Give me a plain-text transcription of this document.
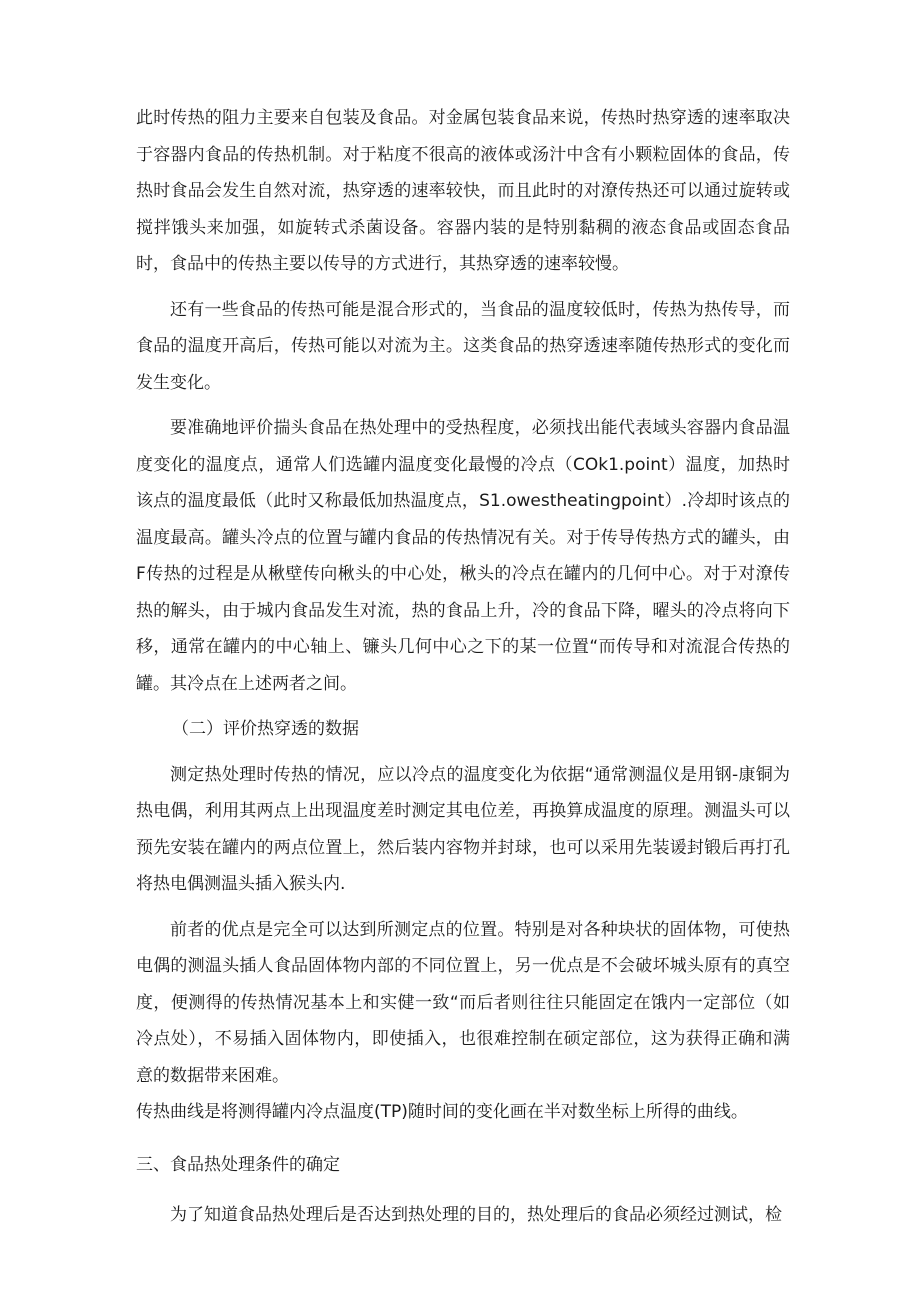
此时传热的阻力主要来自包装及食品。对金属包装食品来说，传热时热穿透的速率取决于容器内食品的传热机制。对于粘度不很高的液体或汤汁中含有小颗粒固体的食品，传热时食品会发生自然对流，热穿透的速率较快，而且此时的对潦传热还可以通过旋转或搅拌饿头来加强，如旋转式杀菌设备。容器内装的是特别黏稠的液态食品或固态食品时，食品中的传热主要以传导的方式进行，其热穿透的速率较慢。

还有一些食品的传热可能是混合形式的，当食品的温度较低时，传热为热传导，而食品的温度开高后，传热可能以对流为主。这类食品的热穿透速率随传热形式的变化而发生变化。

要准确地评价揣头食品在热处理中的受热程度，必须找出能代表域头容器内食品温度变化的温度点，通常人们选罐内温度变化最慢的冷点（COk1.point）温度，加热时该点的温度最低（此时又称最低加热温度点，S1.owestheatingpoint）.冷却时该点的温度最高。罐头冷点的位置与罐内食品的传热情况有关。对于传导传热方式的罐头，由F传热的过程是从楸壁传向楸头的中心处，楸头的冷点在罐内的几何中心。对于对潦传热的解头，由于城内食品发生对流，热的食品上升，冷的食品下降，曜头的冷点将向下移，通常在罐内的中心轴上、镰头几何中心之下的某一位置“而传导和对流混合传热的罐。其冷点在上述两者之间。

（二）评价热穿透的数据

测定热处理时传热的情况，应以冷点的温度变化为依据“通常测温仪是用钢-康铜为热电偶，利用其两点上出现温度差时测定其电位差，再换算成温度的原理。测温头可以预先安装在罐内的两点位置上，然后装内容物并封球，也可以采用先装谖封锻后再打孔将热电偶测温头插入猴头内.

前者的优点是完全可以达到所测定点的位置。特别是对各种块状的固体物，可使热电偶的测温头插人食品固体物内部的不同位置上，另一优点是不会破坏城头原有的真空度，便测得的传热情况基本上和实健一致“而后者则往往只能固定在饿内一定部位（如冷点处），不易插入固体物内，即使插入，也很难控制在硕定部位，这为获得正确和满意的数据带来困难。

传热曲线是将测得罐内冷点温度(TP)随时间的变化画在半对数坐标上所得的曲线。

三、食品热处理条件的确定

为了知道食品热处理后是否达到热处理的目的，热处理后的食品必须经过测试，检
